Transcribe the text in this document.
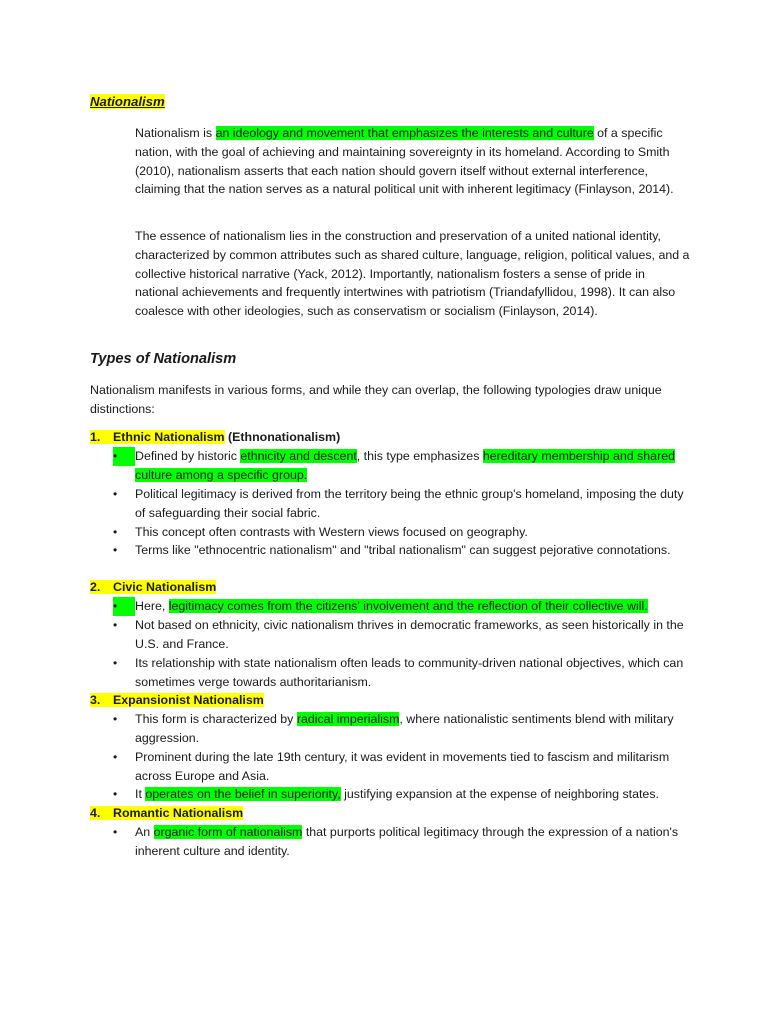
Nationalism

Nationalism is an ideology and movement that emphasizes the interests and culture of a specific nation, with the goal of achieving and maintaining sovereignty in its homeland. According to Smith (2010), nationalism asserts that each nation should govern itself without external interference, claiming that the nation serves as a natural political unit with inherent legitimacy (Finlayson, 2014).

The essence of nationalism lies in the construction and preservation of a united national identity, characterized by common attributes such as shared culture, language, religion, political values, and a collective historical narrative (Yack, 2012). Importantly, nationalism fosters a sense of pride in national achievements and frequently intertwines with patriotism (Triandafyllidou, 1998). It can also coalesce with other ideologies, such as conservatism or socialism (Finlayson, 2014).

Types of Nationalism

Nationalism manifests in various forms, and while they can overlap, the following typologies draw unique distinctions:

1. Ethnic Nationalism (Ethnonationalism)
•	Defined by historic ethnicity and descent, this type emphasizes hereditary membership and shared culture among a specific group.
•	Political legitimacy is derived from the territory being the ethnic group's homeland, imposing the duty of safeguarding their social fabric.
•	This concept often contrasts with Western views focused on geography.
•	Terms like "ethnocentric nationalism" and "tribal nationalism" can suggest pejorative connotations.
2. Civic Nationalism
•	Here, legitimacy comes from the citizens' involvement and the reflection of their collective will.
•	Not based on ethnicity, civic nationalism thrives in democratic frameworks, as seen historically in the U.S. and France.
•	Its relationship with state nationalism often leads to community-driven national objectives, which can sometimes verge towards authoritarianism.
3. Expansionist Nationalism
•	This form is characterized by radical imperialism, where nationalistic sentiments blend with military aggression.
•	Prominent during the late 19th century, it was evident in movements tied to fascism and militarism across Europe and Asia.
•	It operates on the belief in superiority, justifying expansion at the expense of neighboring states.
4. Romantic Nationalism
•	An organic form of nationalism that purports political legitimacy through the expression of a nation's inherent culture and identity.
